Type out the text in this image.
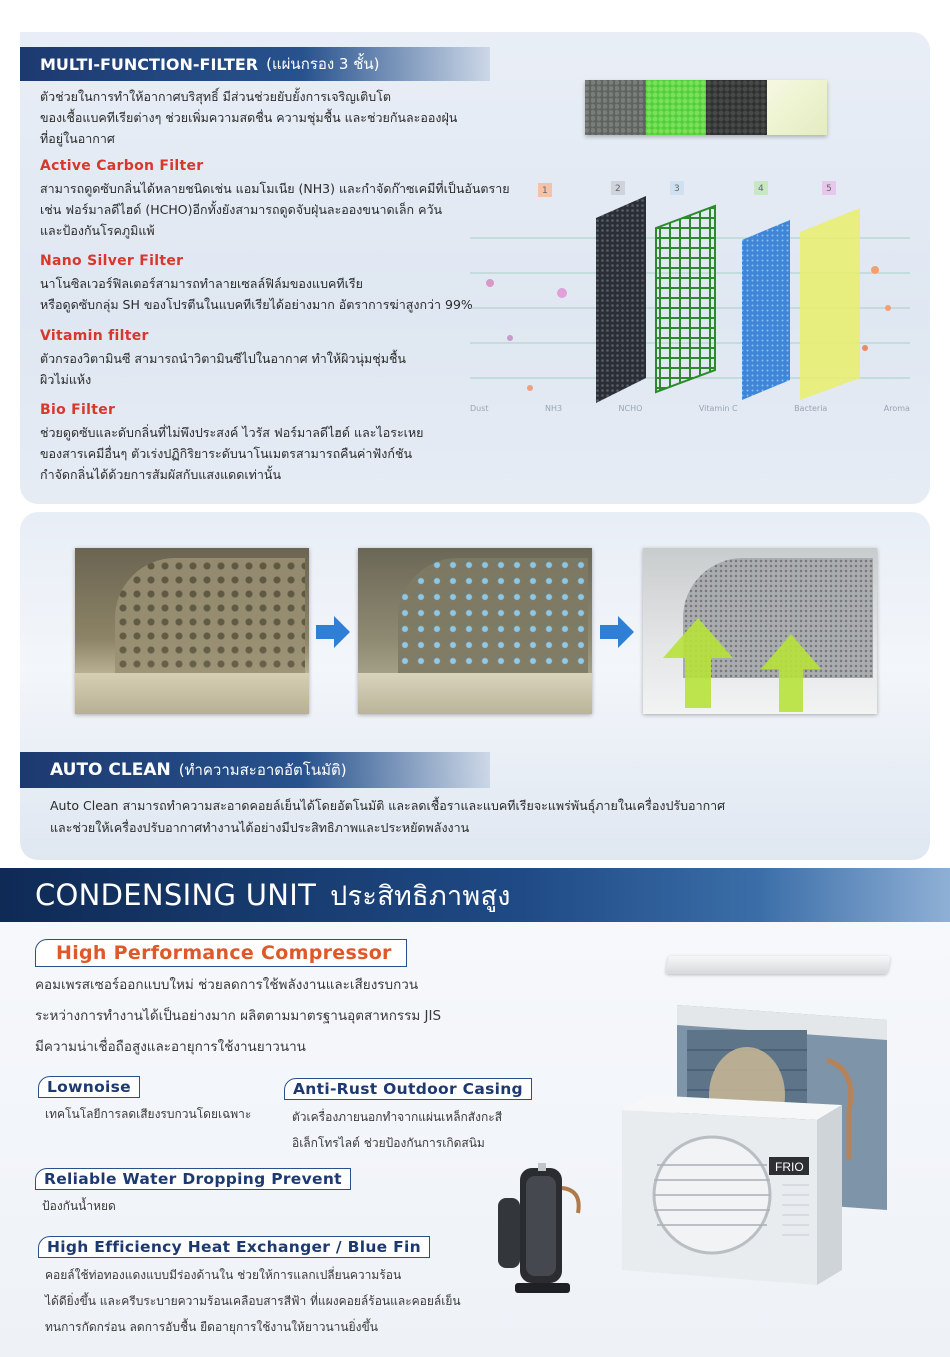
MULTI-FUNCTION-FILTER (แผ่นกรอง 3 ชั้น)
ตัวช่วยในการทำให้อากาศบริสุทธิ์ มีส่วนช่วยยับยั้งการเจริญเติบโต
ของเชื้อแบคทีเรียต่างๆ ช่วยเพิ่มความสดชื่น ความชุ่มชื้น และช่วยกันละอองฝุ่น
ที่อยู่ในอากาศ
Active Carbon Filter
สามารถดูดซับกลิ่นได้หลายชนิดเช่น แอมโมเนีย (NH3) และกำจัดก๊าซเคมีที่เป็นอันตราย
เช่น ฟอร์มาลดีไฮด์ (HCHO)อีกทั้งยังสามารถดูดจับฝุ่นละอองขนาดเล็ก ควัน
และป้องกันโรคภูมิแพ้
Nano Silver Filter
นาโนซิลเวอร์ฟิลเตอร์สามารถทำลายเซลล์ฟิล์มของแบคทีเรีย
หรือดูดซับกลุ่ม SH ของโปรตีนในแบคทีเรียได้อย่างมาก อัตราการฆ่าสูงกว่า 99%
Vitamin filter
ตัวกรองวิตามินซี สามารถนำวิตามินซีไปในอากาศ ทำให้ผิวนุ่มชุ่มชื้น
ผิวไม่แห้ง
Bio Filter
ช่วยดูดซับและดับกลิ่นที่ไม่พึงประสงค์ ไวรัส ฟอร์มาลดีไฮด์ และไอระเหย
ของสารเคมีอื่นๆ ตัวเร่งปฏิกิริยาระดับนาโนเมตรสามารถคืนค่าฟังก์ชัน
กำจัดกลิ่นได้ด้วยการสัมผัสกับแสงแดดเท่านั้น
1	2	3	4	5
Dust	NH3	NCHO	Vitamin C	Bacteria	Aroma
AUTO CLEAN (ทำความสะอาดอัตโนมัติ)
Auto Clean สามารถทำความสะอาดคอยล์เย็นได้โดยอัตโนมัติ และลดเชื้อราและแบคทีเรียจะแพร่พันธุ์ภายในเครื่องปรับอากาศ
และช่วยให้เครื่องปรับอากาศทำงานได้อย่างมีประสิทธิภาพและประหยัดพลังงาน
CONDENSING UNIT ประสิทธิภาพสูง
High Performance Compressor
คอมเพรสเซอร์ออกแบบใหม่ ช่วยลดการใช้พลังงานและเสียงรบกวน
ระหว่างการทำงานได้เป็นอย่างมาก ผลิตตามมาตรฐานอุตสาหกรรม JIS
มีความน่าเชื่อถือสูงและอายุการใช้งานยาวนาน
Lownoise
เทคโนโลยีการลดเสียงรบกวนโดยเฉพาะ
Anti-Rust Outdoor Casing
ตัวเครื่องภายนอกทำจากแผ่นเหล็กสังกะสี
อิเล็กโทรไลต์ ช่วยป้องกันการเกิดสนิม
Reliable Water Dropping Prevent
ป้องกันน้ำหยด
High Efficiency Heat Exchanger / Blue Fin
คอยล์ใช้ท่อทองแดงแบบมีร่องด้านใน ช่วยให้การแลกเปลี่ยนความร้อน
ได้ดียิ่งขึ้น และครีบระบายความร้อนเคลือบสารสีฟ้า ที่แผงคอยล์ร้อนและคอยล์เย็น
ทนการกัดกร่อน ลดการอับชื้น ยืดอายุการใช้งานให้ยาวนานยิ่งขึ้น
FRIO
